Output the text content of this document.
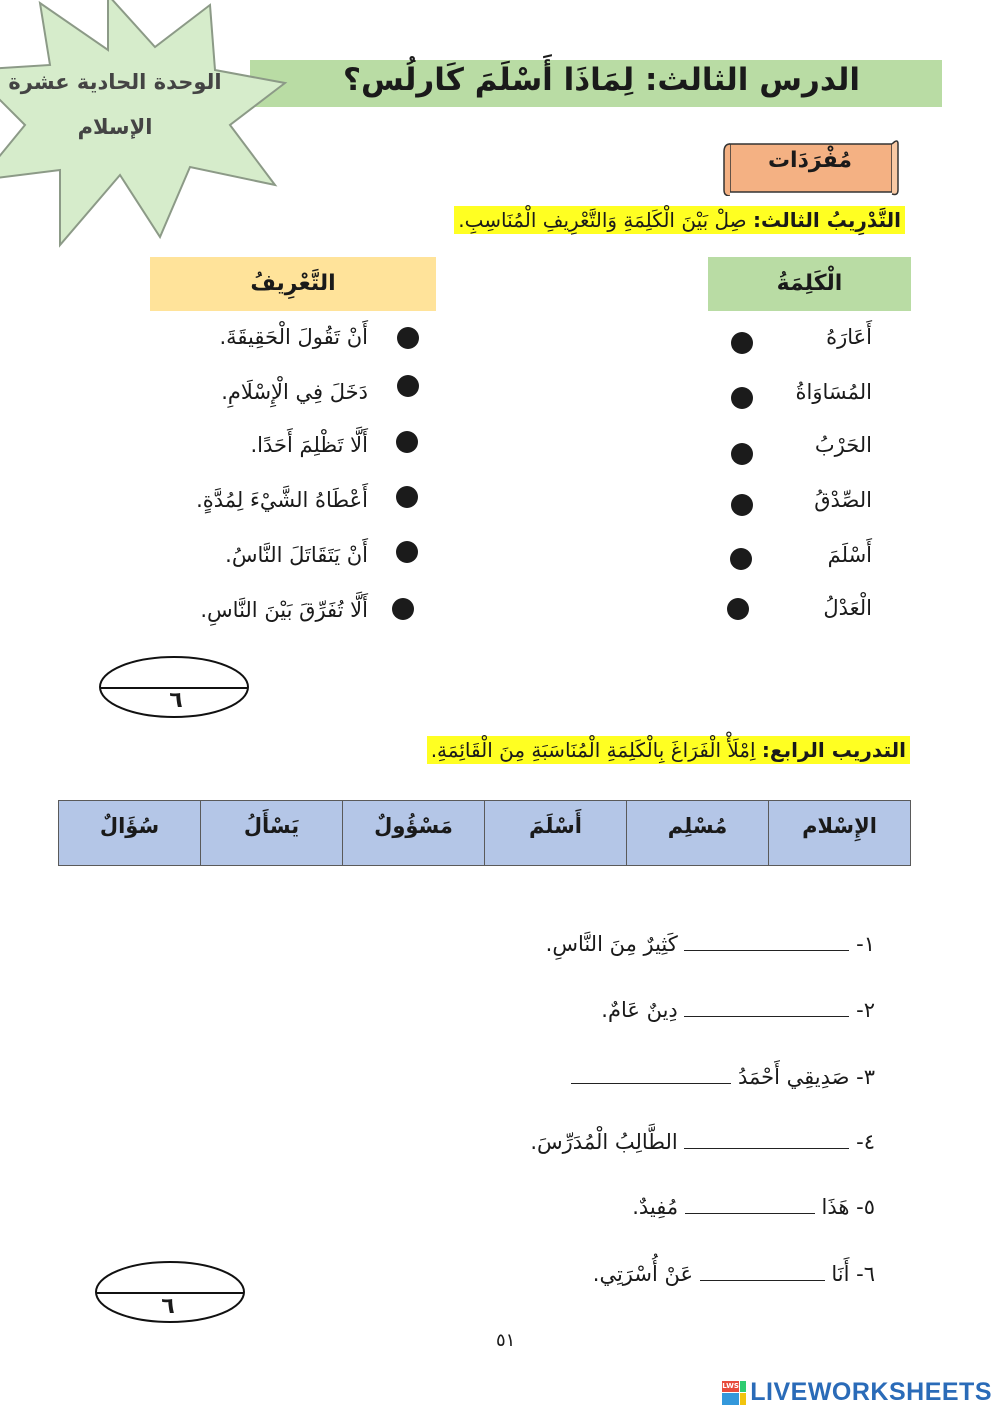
الدرس الثالث: لِمَاذَا أَسْلَمَ كَارلُس؟
الوحدة الحادية عشرة
الإسلام
مُفْرَدَات
التَّدْرِيبُ الثالث: صِلْ بَيْنَ الْكَلِمَةِ وَالتَّعْرِيفِ الْمُنَاسِبِ.
التَّعْرِيفُ	الْكَلِمَةُ
أَنْ تَقُولَ الْحَقِيقَةَ.
دَخَلَ فِي الْإِسْلَامِ.
أَلَّا تَظْلِمَ أَحَدًا.
أَعْطَاهُ الشَّيْءَ لِمُدَّةٍ.
أَنْ يَتَقَاتَلَ النَّاسُ.
أَلَّا تُفَرِّقَ بَيْنَ النَّاسِ.
أَعَارَهُ
المُسَاوَاةُ
الحَرْبُ
الصِّدْقُ
أَسْلَمَ
الْعَدْلُ
٦
التدريب الرابع: اِمْلَأْ الْفَرَاغَ بِالْكَلِمَةِ الْمُنَاسَبَةِ مِنَ الْقَائِمَةِ.
الإِسْلام
مُسْلِم
أَسْلَمَ
مَسْؤُولٌ
يَسْأَلُ
سُؤَالٌ
١-  كَثِيرٌ مِنَ النَّاسِ.
٢-  دِينٌ عَامٌ.
٣- صَدِيقِي أَحْمَدُ
٤-  الطَّالِبُ الْمُدَرِّسَ.
٥- هَذَا  مُفِيدٌ.
٦- أَنَا  عَنْ أُسْرَتِي.
٦
٥١
LWS LIVEWORKSHEETS
